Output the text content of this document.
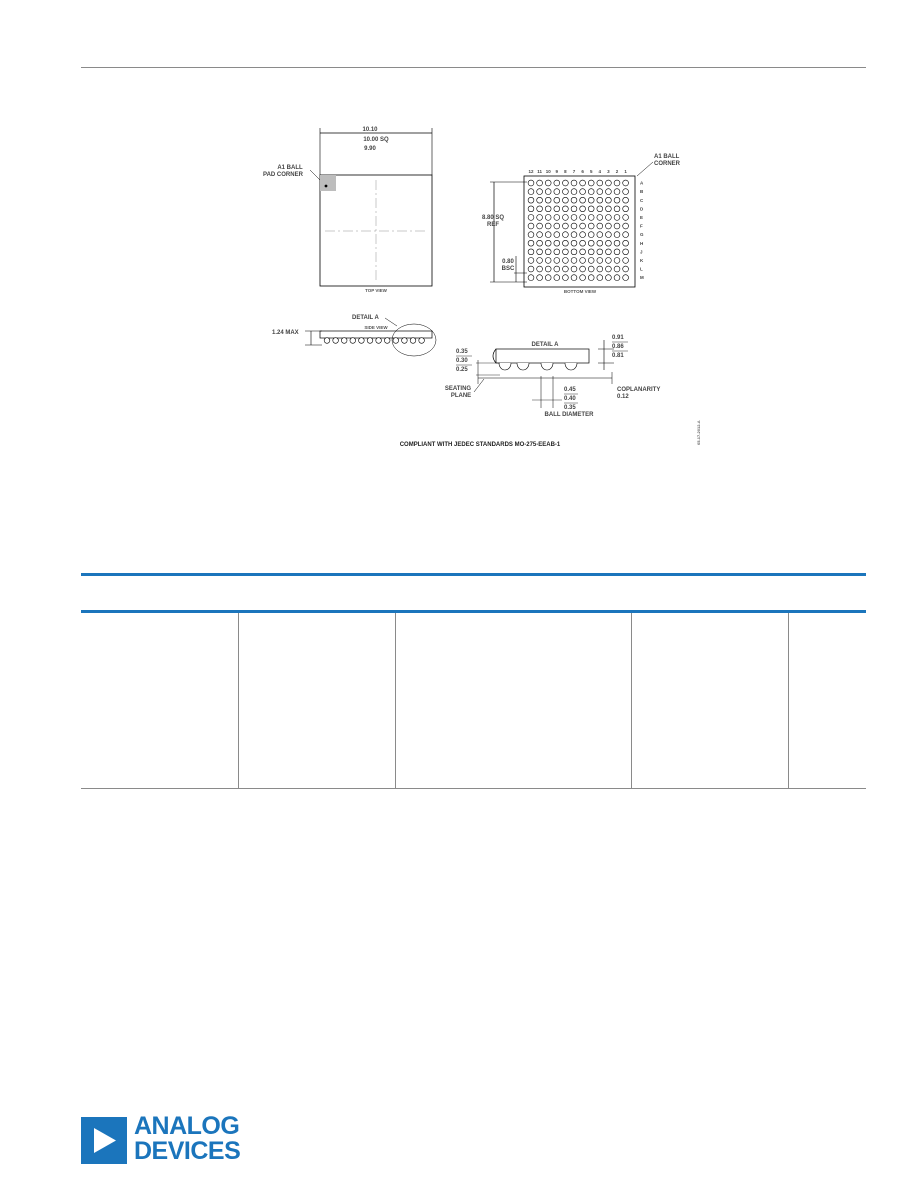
10.10
10.00 SQ
9.90
A1 BALL
PAD CORNER
TOP VIEW
12 11 10 9 8 7 6 5 4 3 2 1
A
B
C
D
E
F
G
H
J
K
L
M
A1 BALL
CORNER
8.80 SQ
REF
0.80
BSC
BOTTOM VIEW
DETAIL A
SIDE VIEW
1.24 MAX
DETAIL A
0.91
0.86
0.81
0.35
0.30
0.25
SEATING
PLANE
COPLANARITY
0.12
0.45
0.40
0.35
BALL DIAMETER
COMPLIANT WITH JEDEC STANDARDS MO-275-EEAB-1	05-17-2012-A
ANALOG
DEVICES
